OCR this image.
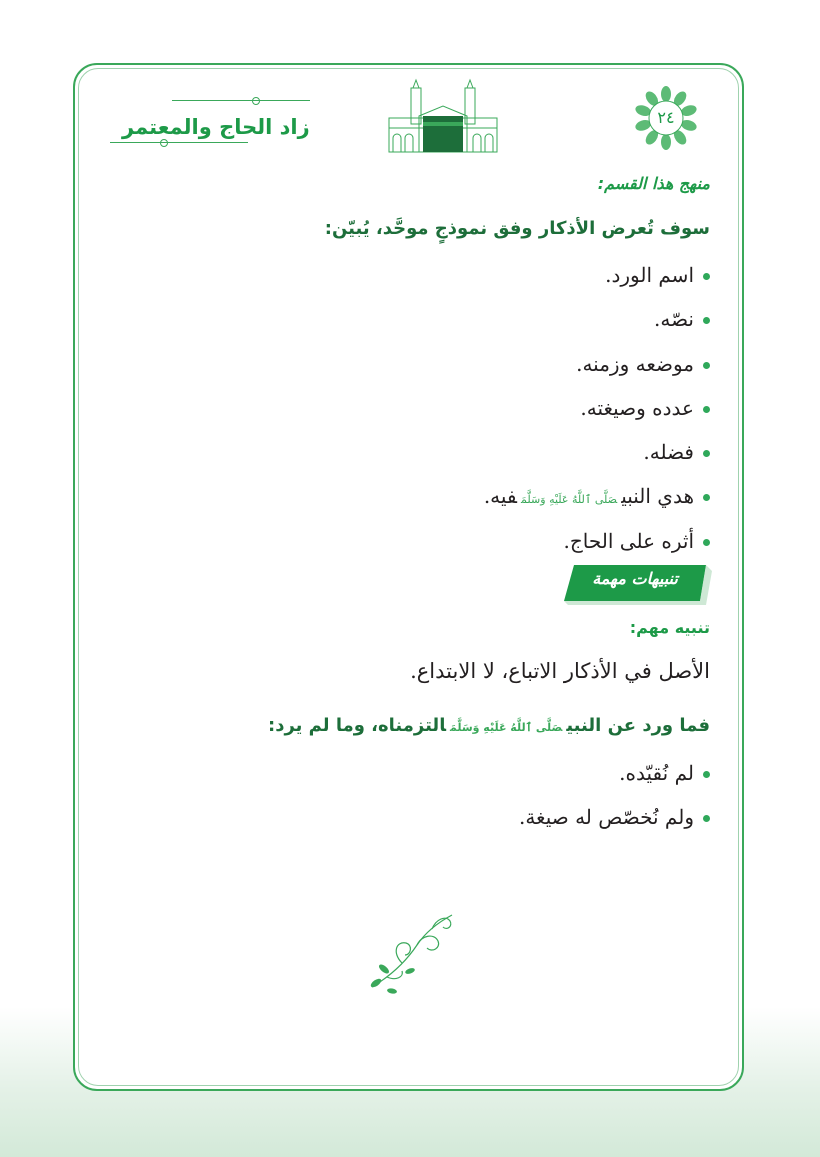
زاد الحاج والمعتمر	٢٤
منهج هذا القسم:
سوف تُعرض الأذكار وفق نموذجٍ موحَّد، يُبيّن:
اسم الورد.
نصّه.
موضعه وزمنه.
عدده وصيغته.
فضله.
هدي النبيصَلَّى ٱللَّهُ عَلَيْهِ وَسَلَّمَفيه.
أثره على الحاج.
تنبيهات مهمة
تنبيه مهم:
الأصل في الأذكار الاتباع، لا الابتداع.
فما ورد عن النبيصَلَّى ٱللَّهُ عَلَيْهِ وَسَلَّمَالتزمناه، وما لم يرد:
لم نُقيّده.
ولم نُخصّص له صيغة.
